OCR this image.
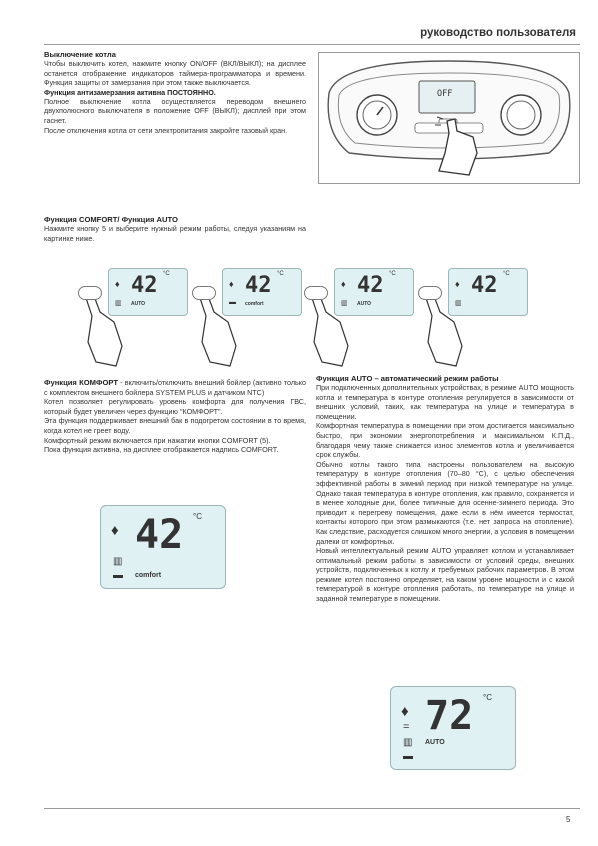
руководство пользователя
Выключение котла
Чтобы выключить котел, нажмите кнопку ON/OFF (ВКЛ/ВЫКЛ); на дисплее останется отображение индикаторов таймера-программатора и времени. Функция защиты от замерзания при этом также выключается.
Функция антизамерзания активна ПОСТОЯННО.
Полное выключение котла осуществляется переводом внешнего двухполюсного выключателя в положение OFF (ВЫКЛ); дисплей при этом гаснет.
После отключения котла от сети электропитания закройте газовый кран.
OFF
Функция COMFORT/ Функция AUTO
Нажмите кнопку 5 и выберите нужный режим работы, следуя указаниям на картинке ниже.
♦ 42 °C
▥ AUTO
♦ 42 °C
▬ comfort
♦ 42 °C
▥ AUTO
♦ 42 °C
▥
Функция КОМФОРТ - включить/отключить внешний бойлер (активно только с комплектом внешнего бойлера SYSTEM PLUS и датчиком NTC)
Котел позволяет регулировать уровень комфорта для получения ГВС, который будет увеличен через функцию "КОМФОРТ".
Эта функция поддерживает внешний бак в подогретом состоянии в то время, когда котел не греет воду.
Комфортный режим включается при нажатии кнопки COMFORT (5).
Пока функция активна, на дисплее отображается надпись COMFORT.
♦ 42 °C
▥
▬ comfort
Функция AUTO – автоматический режим работы
При подключенных дополнительных устройствах, в режиме AUTO мощность котла и температура в контуре отопления регулируется в зависимости от внешних условий, таких, как температура на улице и температура в помещении.
Комфортная температура в помещении при этом достигается максимально быстро, при экономии энергопотребления и максимальном К.П.Д., благодаря чему также снижается износ элементов котла и увеличивается срок службы.
Обычно котлы такого типа настроены пользователем на высокую температуру в контуре отопления (70–80 °С), с целью обеспечения эффективной работы в зимний период при низкой температуре на улице. Однако такая температура в контуре отопления, как правило, сохраняется и в менее холодные дни, более типичные для осенне-зимнего периода. Это приводит к перегреву помещения, даже если в нём имеется термостат, контакты которого при этом размыкаются (т.е. нет запроса на отопление). Как следствие, расходуется слишком много энергии, а условия в помещении далеки от комфортных.
Новый интеллектуальный режим AUTO управляет котлом и устанавливает оптимальный режим работы в зависимости от условий среды, внешних устройств, подключенных к котлу и требуемых рабочих параметров. В этом режиме котел постоянно определяет, на каком уровне мощности и с какой температурой в контуре отопления работать, по температуре на улице и заданной температуре в помещении.
♦ 72 °C
=
▥
▬
AUTO
5
